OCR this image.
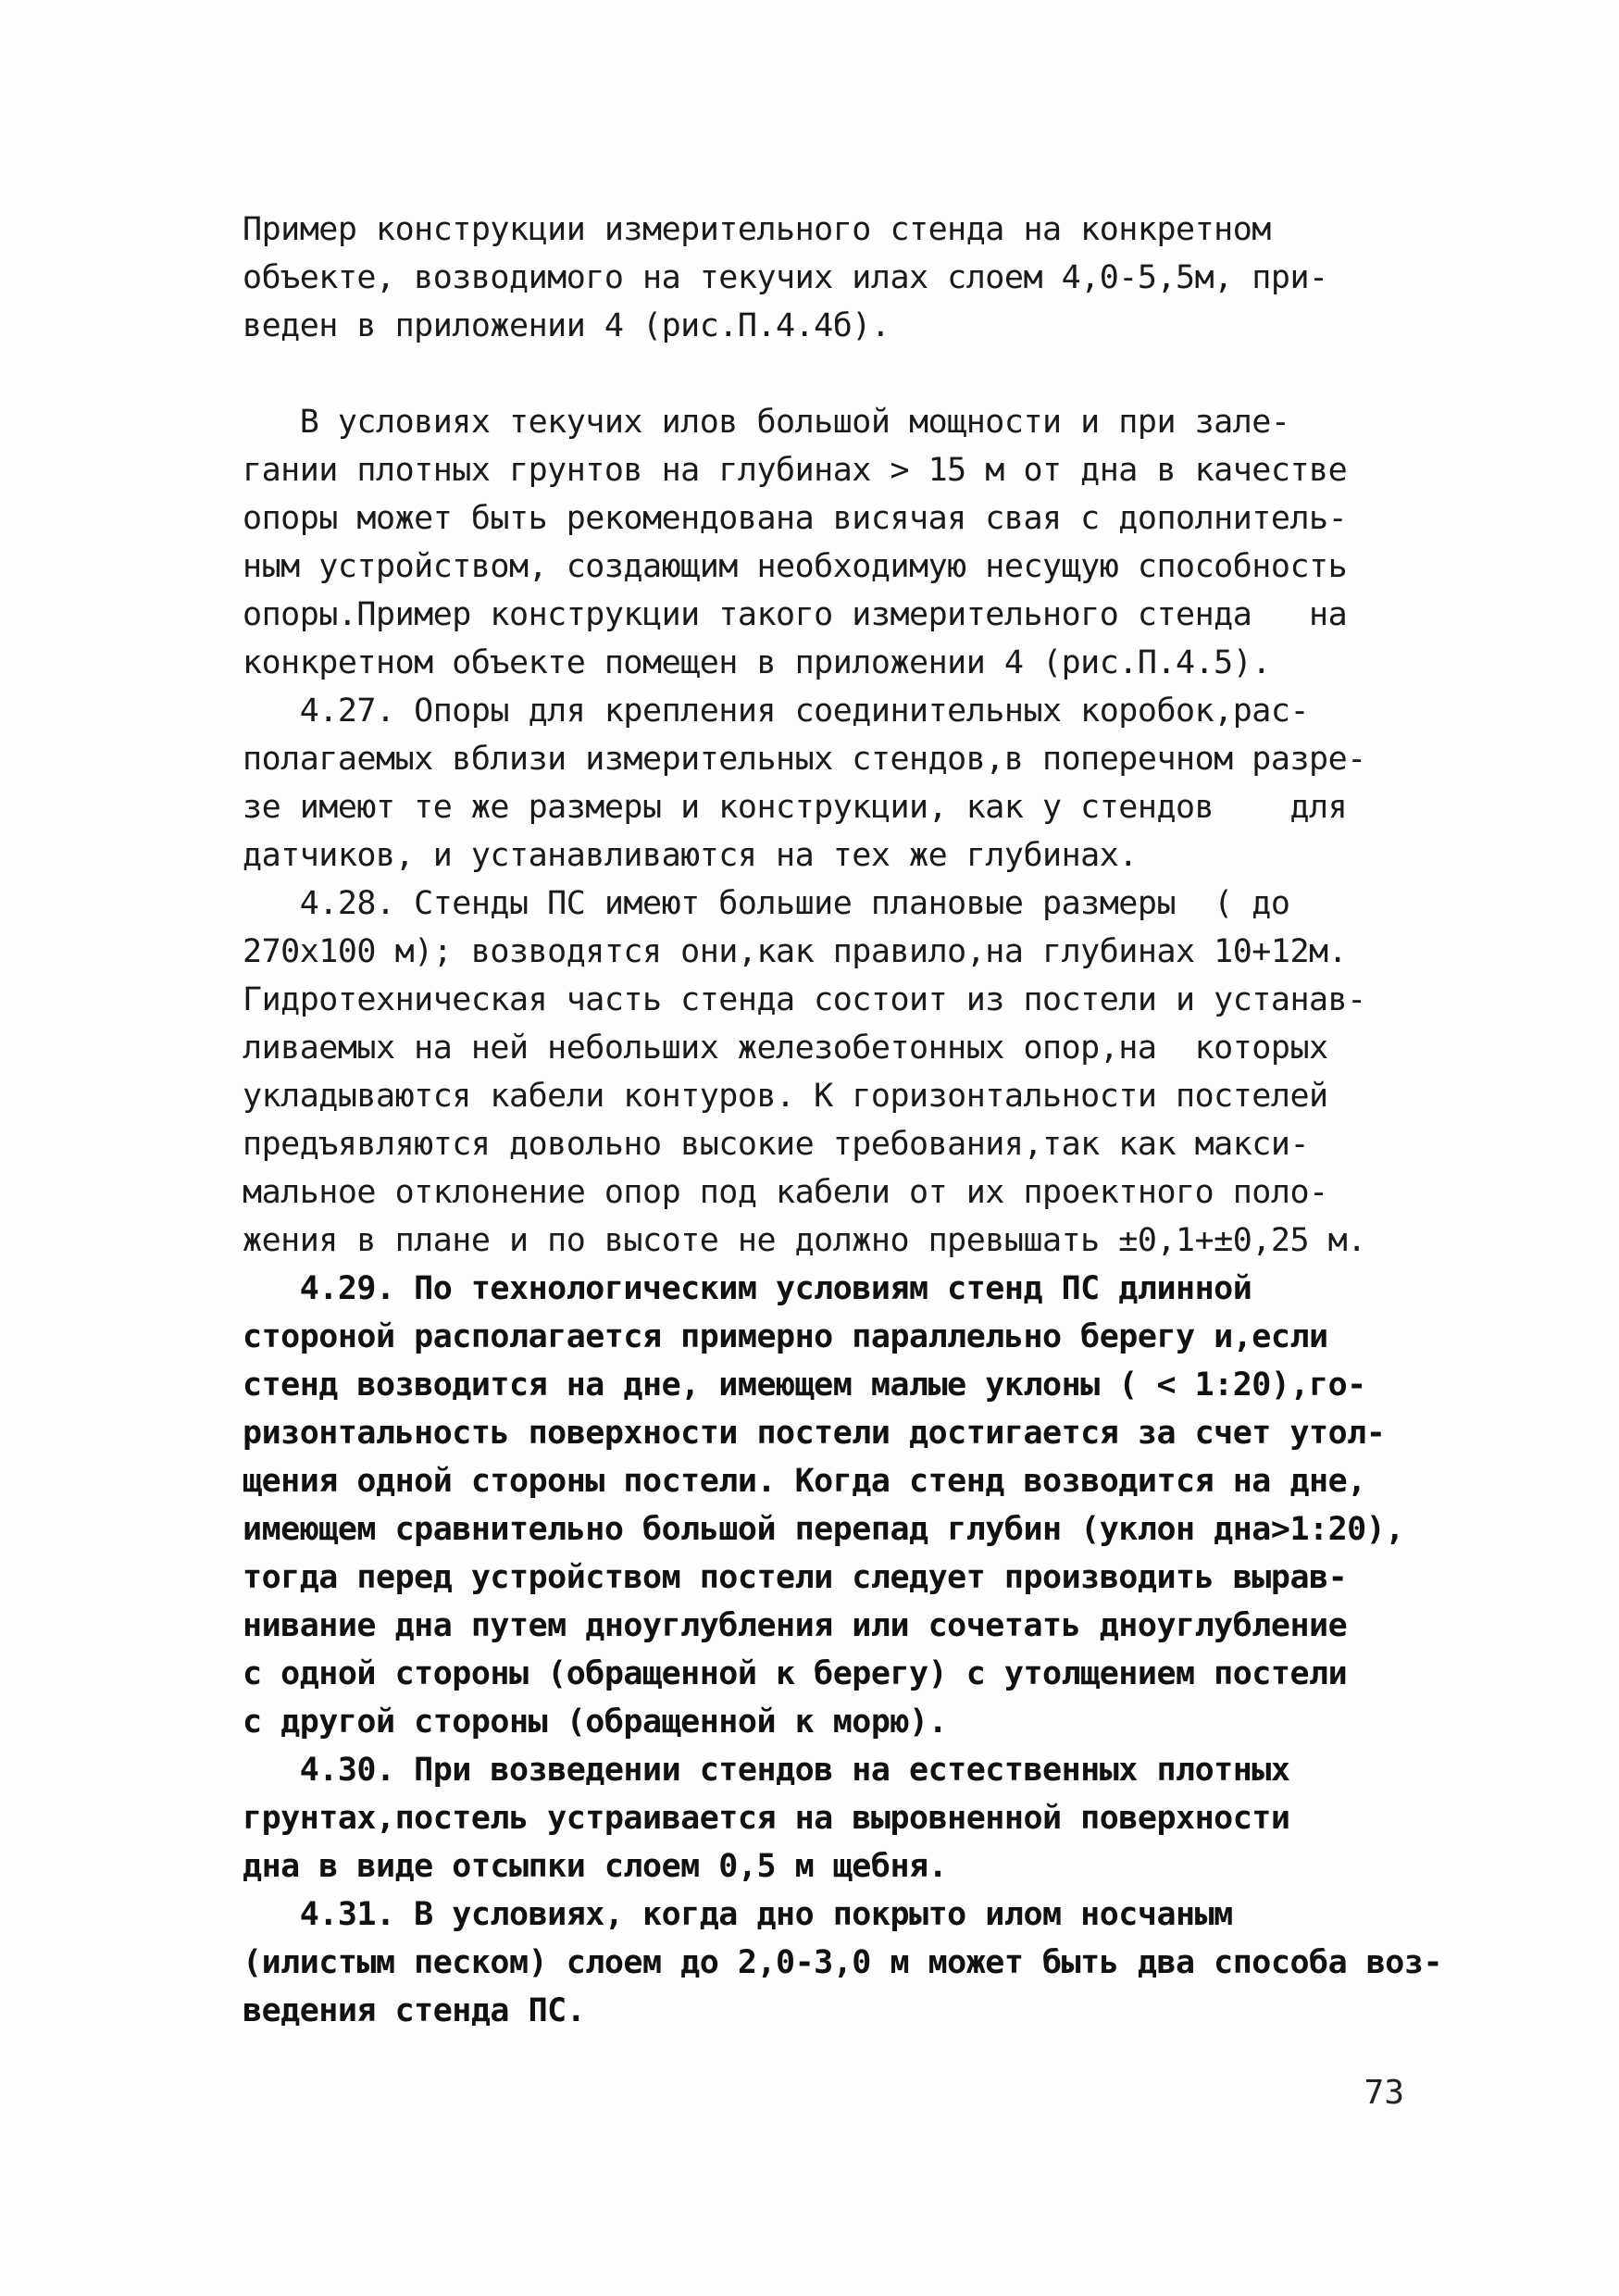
Пример конструкции измерительного стенда на конкретном
объекте, возводимого на текучих илах слоем 4,0-5,5м, при-
веден в приложении 4 (рис.П.4.4б).
В условиях текучих илов большой мощности и при зале-
гании плотных грунтов на глубинах > 15 м от дна в качестве
опоры может быть рекомендована висячая свая с дополнитель-
ным устройством, создающим необходимую несущую способность
опоры.Пример конструкции такого измерительного стенда   на
конкретном объекте помещен в приложении 4 (рис.П.4.5).
4.27. Опоры для крепления соединительных коробок,рас-
полагаемых вблизи измерительных стендов,в поперечном разре-
зе имеют те же размеры и конструкции, как у стендов    для
датчиков, и устанавливаются на тех же глубинах.
4.28. Стенды ПС имеют большие плановые размеры  ( до
270х100 м); возводятся они,как правило,на глубинах 10+12м.
Гидротехническая часть стенда состоит из постели и устанав-
ливаемых на ней небольших железобетонных опор,на  которых
укладываются кабели контуров. К горизонтальности постелей
предъявляются довольно высокие требования,так как макси-
мальное отклонение опор под кабели от их проектного поло-
жения в плане и по высоте не должно превышать ±0,1+±0,25 м.
4.29. По технологическим условиям стенд ПС длинной
стороной располагается примерно параллельно берегу и,если
стенд возводится на дне, имеющем малые уклоны ( < 1:20),го-
ризонтальность поверхности постели достигается за счет утол-
щения одной стороны постели. Когда стенд возводится на дне,
имеющем сравнительно большой перепад глубин (уклон дна>1:20),
тогда перед устройством постели следует производить вырав-
нивание дна путем дноуглубления или сочетать дноуглубление
с одной стороны (обращенной к берегу) с утолщением постели
с другой стороны (обращенной к морю).
4.30. При возведении стендов на естественных плотных
грунтах,постель устраивается на выровненной поверхности
дна в виде отсыпки слоем 0,5 м щебня.
4.31. В условиях, когда дно покрыто илом носчаным
(илистым песком) слоем до 2,0-3,0 м может быть два способа воз-
ведения стенда ПС.
73
